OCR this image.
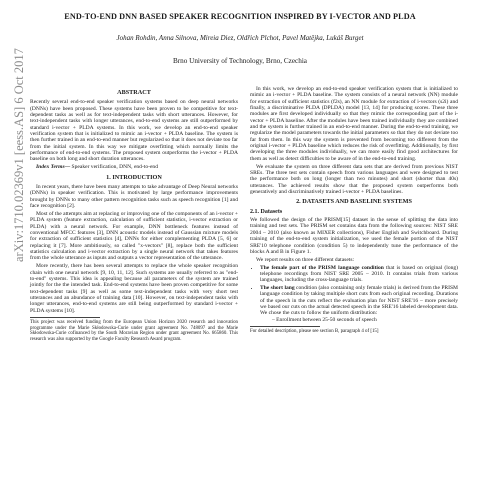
END-TO-END DNN BASED SPEAKER RECOGNITION INSPIRED BY I-VECTOR AND PLDA
Johan Rohdin, Anna Silnova, Mireia Diez, Oldřich Plchot, Pavel Matějka, Lukáš Burget
Brno University of Technology, Brno, Czechia
arXiv:1710.02369v1 [eess.AS] 6 Oct 2017	ABSTRACT

Recently several end-to-end speaker verification systems based on deep neural networks (DNNs) have been proposed. These systems have been proven to be competitive for text-dependent tasks as well as for text-independent tasks with short utterances. However, for text-independent tasks with longer utterances, end-to-end systems are still outperformed by standard i-vector + PLDA systems. In this work, we develop an end-to-end speaker verification system that is initialized to mimic an i-vector + PLDA baseline. The system is then further trained in an end-to-end manner but regularized so that it does not deviate too far from the initial system. In this way we mitigate overfitting which normally limits the performance of end-to-end systems. The proposed system outperforms the i-vector + PLDA baseline on both long and short duration utterances.

Index Terms— Speaker verification, DNN, end-to-end

1. INTRODUCTION

In recent years, there have been many attempts to take advantage of Deep Neural networks (DNNs) in speaker verification. This is motivated by large performance improvements brought by DNNs to many other pattern recognition tasks such as speech recognition [1] and face recognition [2].

Most of the attempts aim at replacing or improving one of the components of an i-vector + PLDA system (feature extraction, calculation of sufficient statistics, i-vector extraction or PLDA) with a neural network. For example, DNN bottleneck features instead of conventional MFCC features [3], DNN acoustic models instead of Gaussian mixture models for extraction of sufficient statistics [4], DNNs for either complementing PLDA [5, 6] or replacing it [7]. More ambitiously, so called "x-vectors" [8], replace both the sufficient statistics calculation and i-vector extraction by a single neural network that takes features from the whole utterance as inputs and outputs a vector representation of the utterance.

More recently, there has been several attempts to replace the whole speaker recognition chain with one neural network [9, 10, 11, 12]. Such systems are usually referred to as "end-to-end" systems. This idea is appealing because all parameters of the system are trained jointly for the the intended task. End-to-end systems have been proven competitive for some text-dependent tasks [9] as well as some text-independent tasks with very short test utterances and an abundance of training data [10]. However, on text-independent tasks with longer utterances, end-to-end systems are still being outperformed by standard i-vector + PLDA systems [10].

This project was received funding from the European Union Horizon 2020 research and innovation programme under the Marie Skłodowska-Curie under grant agreement No. 748097 and the Marie Skłodowska-Curie cofinanced by the South Moravian Region under grant agreement No. 665860. This research was also supported by the Google Faculty Research Award program.

In this work, we develop an end-to-end speaker verification system that is initialized to mimic an i-vector + PLDA baseline. The system consists of a neural network (NN) module for extraction of sufficient statistics (f2s), an NN module for extraction of i-vectors (s2i) and finally, a discriminative PLDA (DPLDA) model [13, 14] for producing scores. These three modules are first developed individually so that they mimic the corresponding part of the i-vector + PLDA baseline. After the modules have been trained individually they are combined and the system is further trained in an end-to-end manner. During the end-to-end training, we regularize the model parameters towards the initial parameters so that they do not deviate too far from them. In this way the system is prevented from becoming too different from the original i-vector + PLDA baseline which reduces the risk of overfitting. Additionally, by first developing the three modules individually, we can more easily find good architectures for them as well as detect difficulties to be aware of in the end-to-end training.

We evaluate the system on three different data sets that are derived from previous NIST SREs. The three test sets contain speech from various languages and were designed to test the performance both on long (longer than two minutes) and short (shorter than 40s) utterances. The achieved results show that the proposed system outperforms both generatively and discriminatively trained i-vector + PLDA baselines.

2. DATASETS AND BASELINE SYSTEMS
2.1. Datasets

We followed the design of the PRISM[15] dataset in the sense of splitting the data into training and test sets. The PRISM set contains data from the following sources: NIST SRE 2004 – 2010 (also known as MIXER collections), Fisher English and Switchboard. During training of the end-to-end system initialization, we used the female portion of the NIST SRE'10 telephone condition (condition 5) to independently tune the performance of the blocks A and B in Figure 1.

We report results on three different datasets:

• The female part of the PRISM language condition that is based on original (long) telephone recordings from NIST SRE 2005 – 2010. It contains trials from various languages, including the cross-language trials.
• The short lang condition (also containing only female trials) is derived from the PRISM language condition by taking multiple short cuts from each original recording. Durations of the speech in the cuts reflect the evaluation plan for NIST SRE'16 – more precisely we based our cuts on the actual detected speech in the SRE'16 labeled development data. We chose the cuts to follow the uniform distribution:
– Enrollment between 25-50 seconds of speech
For detailed description, please see section B, paragraph 4 of [15]
